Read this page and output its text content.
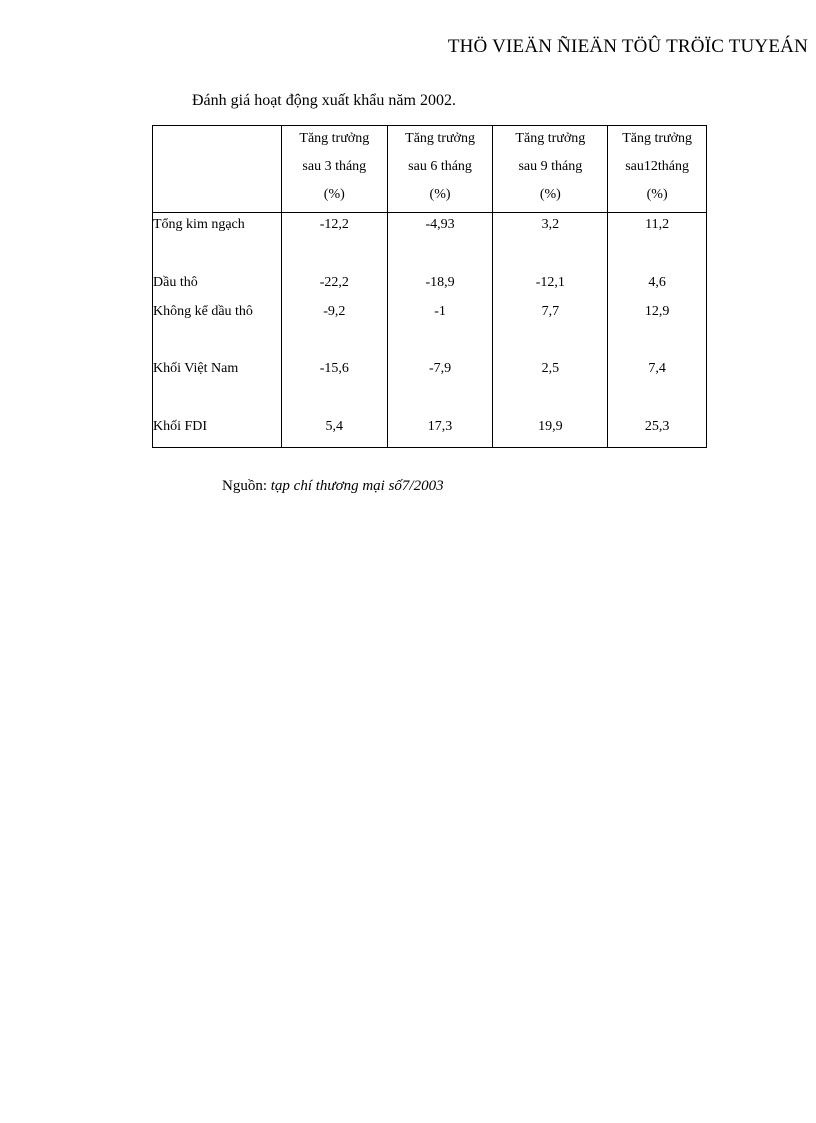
THÖ VIEÄN ÑIEÄN TÖÛ TRÖÏC TUYEÁN
Đánh giá hoạt động xuất khẩu năm 2002.

	Tăng trưởng
sau 3 tháng
(%)	Tăng trưởng
sau 6 tháng
(%)	Tăng trưởng
sau 9 tháng
(%)	Tăng trưởng
sau12tháng
(%)

Tổng kim ngạch	-12,2	-4,93	3,2	11,2
Dầu thô	-22,2	-18,9	-12,1	4,6
Không kể dầu thô	-9,2	-1	7,7	12,9
Khối Việt Nam	-15,6	-7,9	2,5	7,4
Khối FDI	5,4	17,3	19,9	25,3
Nguồn: tạp chí thương mại số7/2003
